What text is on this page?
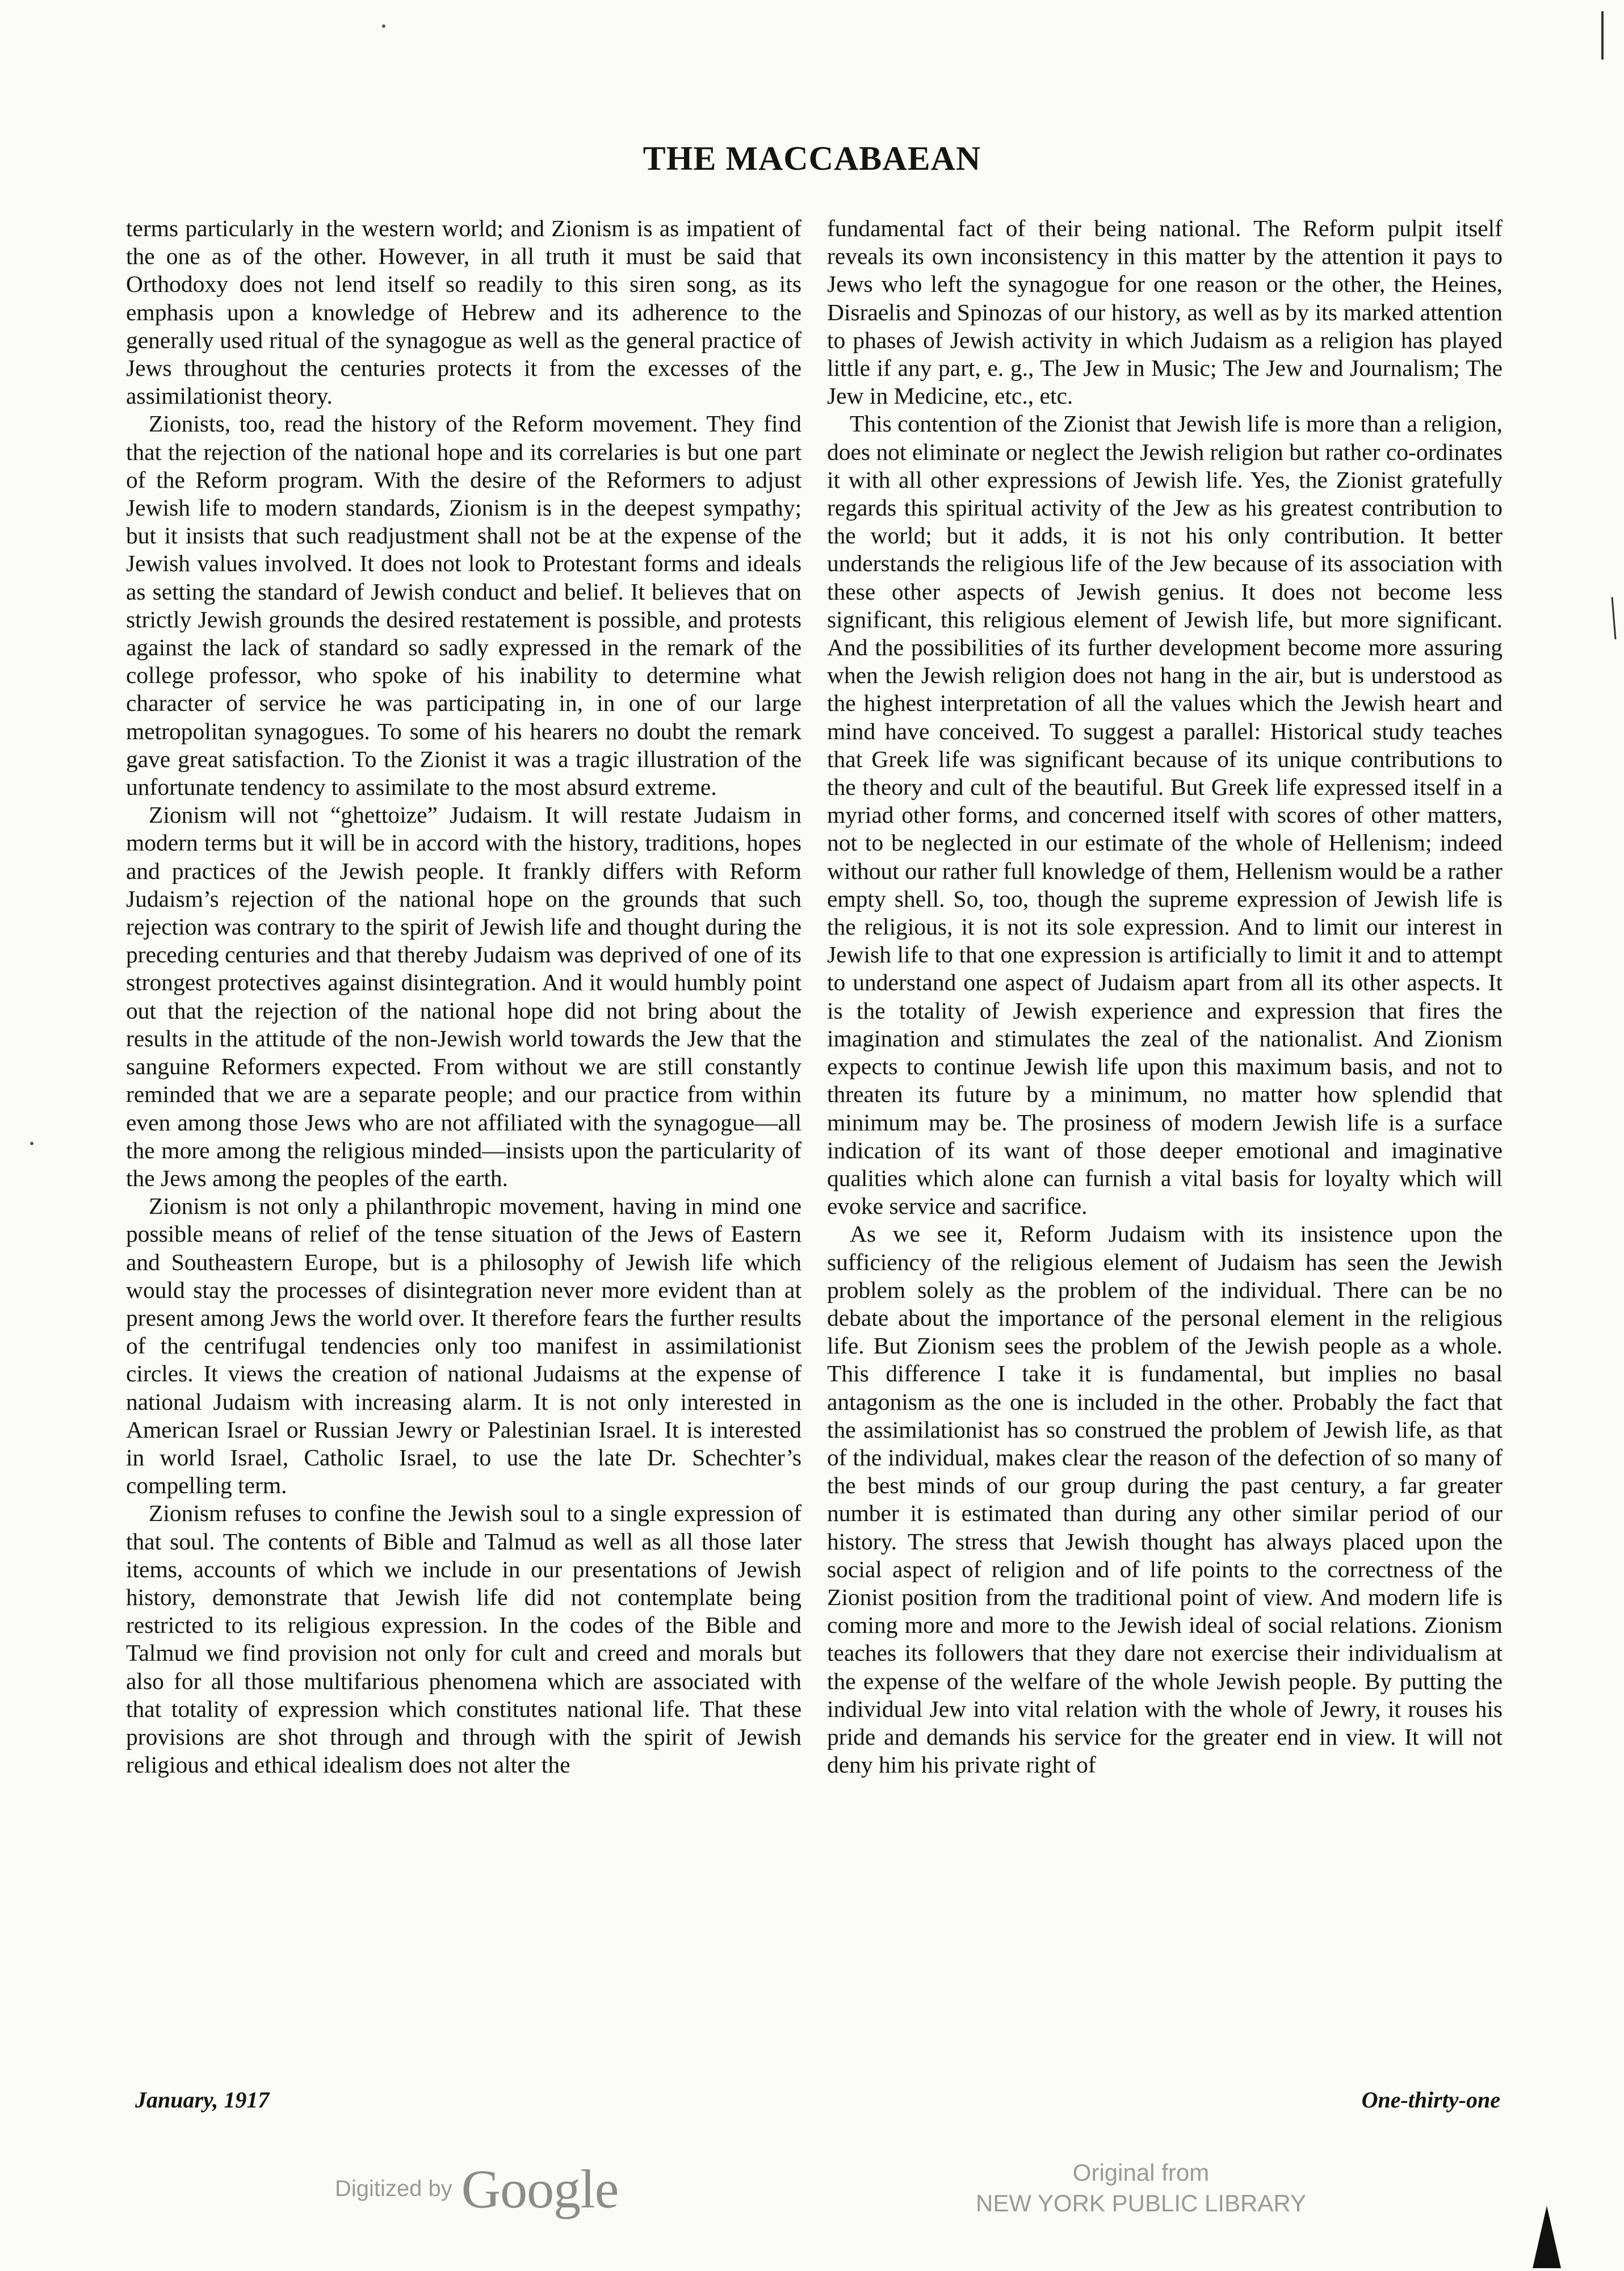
THE MACCABAEAN

terms particularly in the western world; and Zionism is as impatient of the one as of the other. However, in all truth it must be said that Orthodoxy does not lend itself so readily to this siren song, as its emphasis upon a knowledge of Hebrew and its adherence to the generally used ritual of the synagogue as well as the general practice of Jews throughout the centuries protects it from the excesses of the assimilationist theory.

Zionists, too, read the history of the Reform movement. They find that the rejection of the national hope and its correlaries is but one part of the Reform program. With the desire of the Reformers to adjust Jewish life to modern standards, Zionism is in the deepest sympathy; but it insists that such readjustment shall not be at the expense of the Jewish values involved. It does not look to Protestant forms and ideals as setting the standard of Jewish conduct and belief. It believes that on strictly Jewish grounds the desired restatement is possible, and protests against the lack of standard so sadly expressed in the remark of the college professor, who spoke of his inability to determine what character of service he was participating in, in one of our large metropolitan synagogues. To some of his hearers no doubt the remark gave great satisfaction. To the Zionist it was a tragic illustration of the unfortunate tendency to assimilate to the most absurd extreme.

Zionism will not “ghettoize” Judaism. It will restate Judaism in modern terms but it will be in accord with the history, traditions, hopes and practices of the Jewish people. It frankly differs with Reform Judaism’s rejection of the national hope on the grounds that such rejection was contrary to the spirit of Jewish life and thought during the preceding centuries and that thereby Judaism was deprived of one of its strongest protectives against disintegration. And it would humbly point out that the rejection of the national hope did not bring about the results in the attitude of the non-Jewish world towards the Jew that the sanguine Reformers expected. From without we are still constantly reminded that we are a separate people; and our practice from within even among those Jews who are not affiliated with the synagogue—all the more among the religious minded—insists upon the particularity of the Jews among the peoples of the earth.

Zionism is not only a philanthropic movement, having in mind one possible means of relief of the tense situation of the Jews of Eastern and Southeastern Europe, but is a philosophy of Jewish life which would stay the processes of disintegration never more evident than at present among Jews the world over. It therefore fears the further results of the centrifugal tendencies only too manifest in assimilationist circles. It views the creation of national Judaisms at the expense of national Judaism with increasing alarm. It is not only interested in American Israel or Russian Jewry or Palestinian Israel. It is interested in world Israel, Catholic Israel, to use the late Dr. Schechter’s compelling term.

Zionism refuses to confine the Jewish soul to a single expression of that soul. The contents of Bible and Talmud as well as all those later items, accounts of which we include in our presentations of Jewish history, demonstrate that Jewish life did not contemplate being restricted to its religious expression. In the codes of the Bible and Talmud we find provision not only for cult and creed and morals but also for all those multifarious phenomena which are associated with that totality of expression which constitutes national life. That these provisions are shot through and through with the spirit of Jewish religious and ethical idealism does not alter the

fundamental fact of their being national. The Reform pulpit itself reveals its own inconsistency in this matter by the attention it pays to Jews who left the synagogue for one reason or the other, the Heines, Disraelis and Spinozas of our history, as well as by its marked attention to phases of Jewish activity in which Judaism as a religion has played little if any part, e. g., The Jew in Music; The Jew and Journalism; The Jew in Medicine, etc., etc.

This contention of the Zionist that Jewish life is more than a religion, does not eliminate or neglect the Jewish religion but rather co-ordinates it with all other expressions of Jewish life. Yes, the Zionist gratefully regards this spiritual activity of the Jew as his greatest contribution to the world; but it adds, it is not his only contribution. It better understands the religious life of the Jew because of its association with these other aspects of Jewish genius. It does not become less significant, this religious element of Jewish life, but more significant. And the possibilities of its further development become more assuring when the Jewish religion does not hang in the air, but is understood as the highest interpretation of all the values which the Jewish heart and mind have conceived. To suggest a parallel: Historical study teaches that Greek life was significant because of its unique contributions to the theory and cult of the beautiful. But Greek life expressed itself in a myriad other forms, and concerned itself with scores of other matters, not to be neglected in our estimate of the whole of Hellenism; indeed without our rather full knowledge of them, Hellenism would be a rather empty shell. So, too, though the supreme expression of Jewish life is the religious, it is not its sole expression. And to limit our interest in Jewish life to that one expression is artificially to limit it and to attempt to understand one aspect of Judaism apart from all its other aspects. It is the totality of Jewish experience and expression that fires the imagination and stimulates the zeal of the nationalist. And Zionism expects to continue Jewish life upon this maximum basis, and not to threaten its future by a minimum, no matter how splendid that minimum may be. The prosiness of modern Jewish life is a surface indication of its want of those deeper emotional and imaginative qualities which alone can furnish a vital basis for loyalty which will evoke service and sacrifice.

As we see it, Reform Judaism with its insistence upon the sufficiency of the religious element of Judaism has seen the Jewish problem solely as the problem of the individual. There can be no debate about the importance of the personal element in the religious life. But Zionism sees the problem of the Jewish people as a whole. This difference I take it is fundamental, but implies no basal antagonism as the one is included in the other. Probably the fact that the assimilationist has so construed the problem of Jewish life, as that of the individual, makes clear the reason of the defection of so many of the best minds of our group during the past century, a far greater number it is estimated than during any other similar period of our history. The stress that Jewish thought has always placed upon the social aspect of religion and of life points to the correctness of the Zionist position from the traditional point of view. And modern life is coming more and more to the Jewish ideal of social relations. Zionism teaches its followers that they dare not exercise their individualism at the expense of the welfare of the whole Jewish people. By putting the individual Jew into vital relation with the whole of Jewry, it rouses his pride and demands his service for the greater end in view. It will not deny him his private right of

January, 1917	One-thirty-one
Digitized by Google	Original from
NEW YORK PUBLIC LIBRARY
